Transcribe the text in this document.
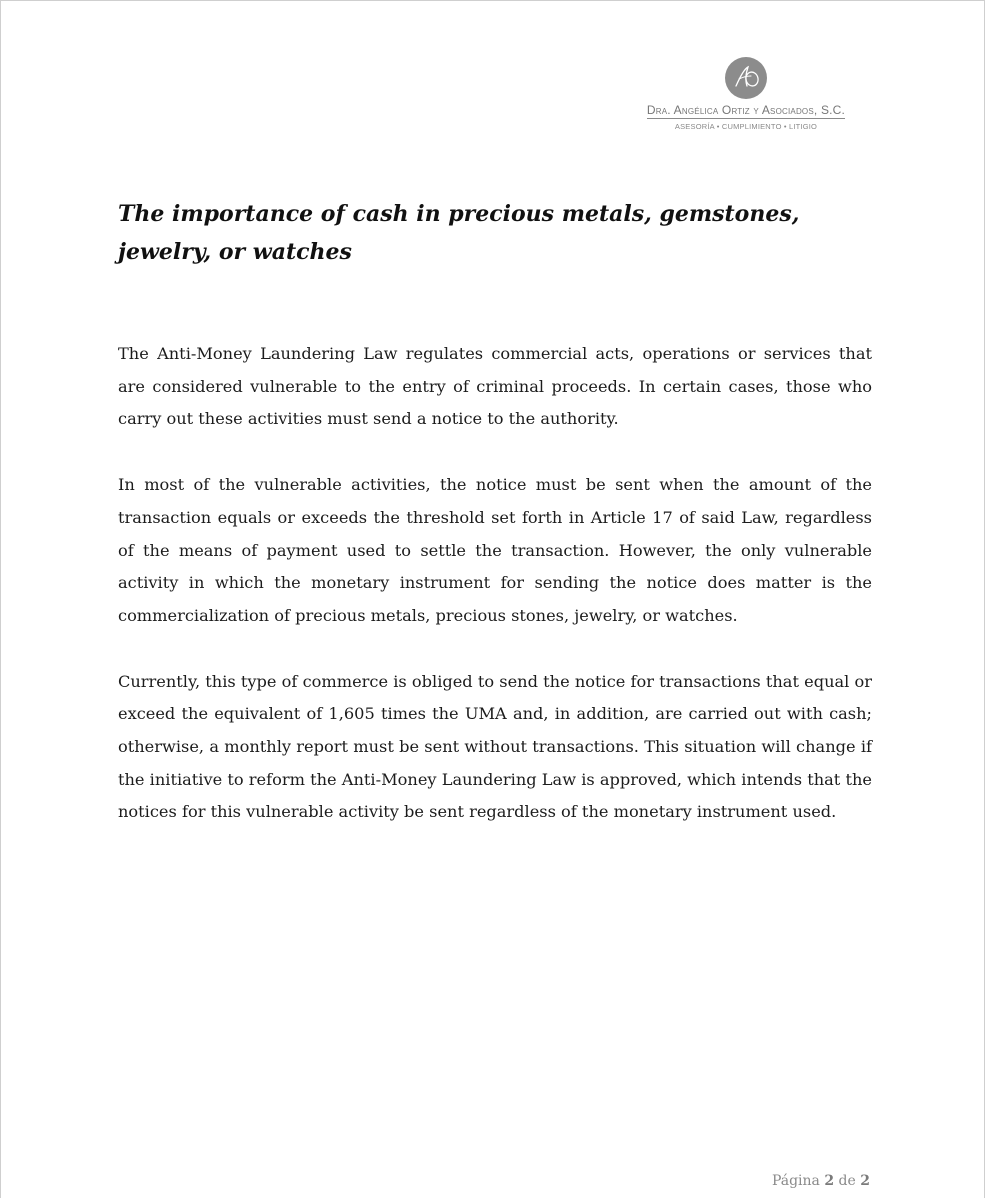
Dra. Angélica Ortiz y Asociados, S.C.
ASESORÍA • CUMPLIMIENTO • LITIGIO
The importance of cash in precious metals, gemstones, jewelry, or watches

The Anti-Money Laundering Law regulates commercial acts, operations or services that are considered vulnerable to the entry of criminal proceeds. In certain cases, those who carry out these activities must send a notice to the authority.

In most of the vulnerable activities, the notice must be sent when the amount of the transaction equals or exceeds the threshold set forth in Article 17 of said Law, regardless of the means of payment used to settle the transaction. However, the only vulnerable activity in which the monetary instrument for sending the notice does matter is the commercialization of precious metals, precious stones, jewelry, or watches.

Currently, this type of commerce is obliged to send the notice for transactions that equal or exceed the equivalent of 1,605 times the UMA and, in addition, are carried out with cash; otherwise, a monthly report must be sent without transactions. This situation will change if the initiative to reform the Anti-Money Laundering Law is approved, which intends that the notices for this vulnerable activity be sent regardless of the monetary instrument used.

Página 2 de 2
